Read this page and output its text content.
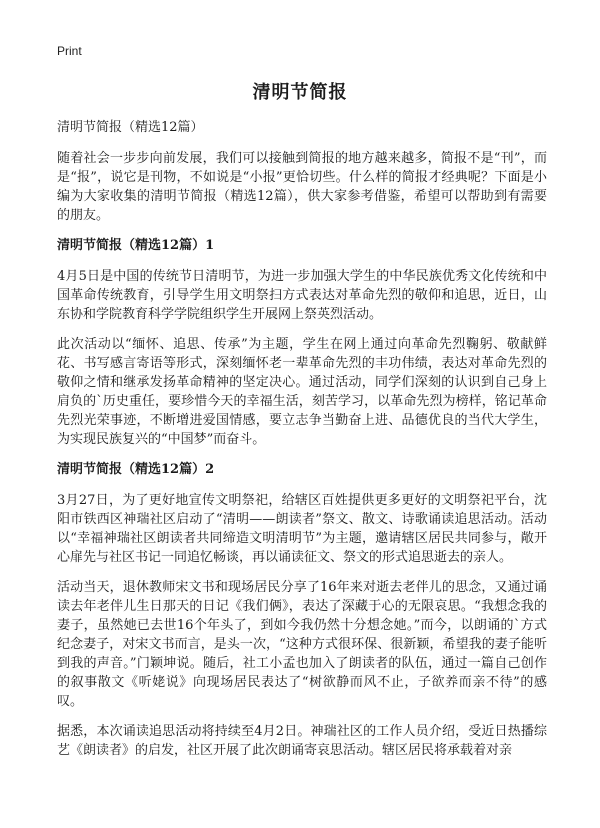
Print
清明节简报

清明节简报（精选12篇）

随着社会一步步向前发展，我们可以接触到简报的地方越来越多，简报不是“刊”，而是“报”，说它是刊物，不如说是“小报”更恰切些。什么样的简报才经典呢？下面是小编为大家收集的清明节简报（精选12篇），供大家参考借鉴，希望可以帮助到有需要的朋友。

清明节简报（精选12篇）1

4月5日是中国的传统节日清明节，为进一步加强大学生的中华民族优秀文化传统和中国革命传统教育，引导学生用文明祭扫方式表达对革命先烈的敬仰和追思，近日，山东协和学院教育科学学院组织学生开展网上祭英烈活动。

此次活动以“缅怀、追思、传承”为主题，学生在网上通过向革命先烈鞠躬、敬献鲜花、书写感言寄语等形式，深刻缅怀老一辈革命先烈的丰功伟绩，表达对革命先烈的敬仰之情和继承发扬革命精神的坚定决心。通过活动，同学们深刻的认识到自己身上肩负的`历史重任，要珍惜今天的幸福生活，刻苦学习，以革命先烈为榜样，铭记革命先烈光荣事迹，不断增进爱国情感，要立志争当勤奋上进、品德优良的当代大学生，为实现民族复兴的“中国梦”而奋斗。

清明节简报（精选12篇）2

3月27日，为了更好地宣传文明祭祀，给辖区百姓提供更多更好的文明祭祀平台，沈阳市铁西区神瑞社区启动了“清明——朗读者”祭文、散文、诗歌诵读追思活动。活动以“幸福神瑞社区朗读者共同缔造文明清明节”为主题，邀请辖区居民共同参与，敞开心扉先与社区书记一同追忆畅谈，再以诵读征文、祭文的形式追思逝去的亲人。

活动当天，退休教师宋文书和现场居民分享了16年来对逝去老伴儿的思念，又通过诵读去年老伴儿生日那天的日记《我们俩》，表达了深藏于心的无限哀思。“我想念我的妻子，虽然她已去世16个年头了，到如今我仍然十分想念她。”而今，以朗诵的`方式纪念妻子，对宋文书而言，是头一次，“这种方式很环保、很新颖，希望我的妻子能听到我的声音。”门颖坤说。随后，社工小孟也加入了朗读者的队伍，通过一篇自己创作的叙事散文《听姥说》向现场居民表达了“树欲静而风不止，子欲养而亲不待”的感叹。

据悉，本次诵读追思活动将持续至4月2日。神瑞社区的工作人员介绍，受近日热播综艺《朗读者》的启发，社区开展了此次朗诵寄哀思活动。辖区居民将承载着对亲
